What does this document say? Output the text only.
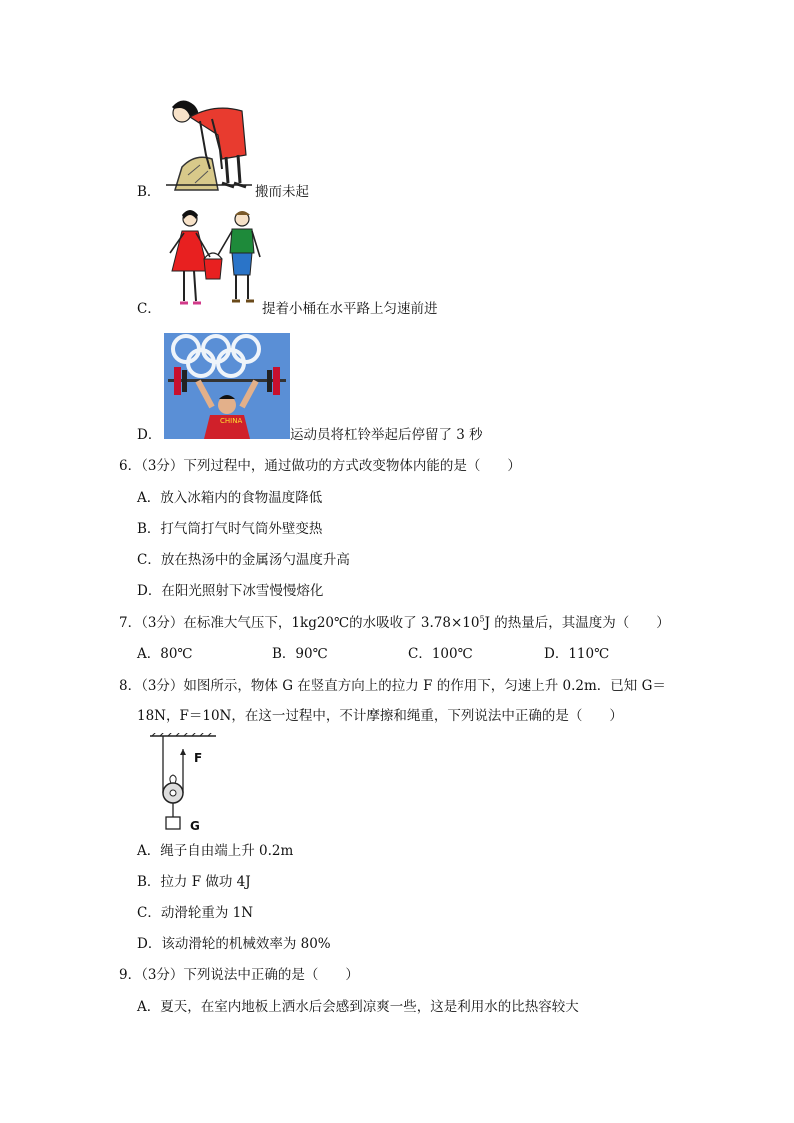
B．	搬而未起
C．	提着小桶在水平路上匀速前进
CHINA
D．	运动员将杠铃举起后停留了 3 秒
6．（3分）下列过程中，通过做功的方式改变物体内能的是（　　）
A．放入冰箱内的食物温度降低
B．打气筒打气时气筒外壁变热
C．放在热汤中的金属汤勺温度升高
D．在阳光照射下冰雪慢慢熔化
7．（3分）在标准大气压下，1kg20℃的水吸收了 $3.78\times 10^5J$ 的热量后，其温度为（　　）
A．80℃	B．90℃	C．100℃	D．110℃
8．（3分）如图所示，物体 G 在竖直方向上的拉力 F 的作用下，匀速上升 0.2m．已知 G＝
18N，F＝10N，在这一过程中，不计摩擦和绳重，下列说法中正确的是（　　）
F
G
A．绳子自由端上升 0.2m
B．拉力 F 做功 4J
C．动滑轮重为 1N
D．该动滑轮的机械效率为 80%
9．（3分）下列说法中正确的是（　　）
A．夏天，在室内地板上洒水后会感到凉爽一些，这是利用水的比热容较大
